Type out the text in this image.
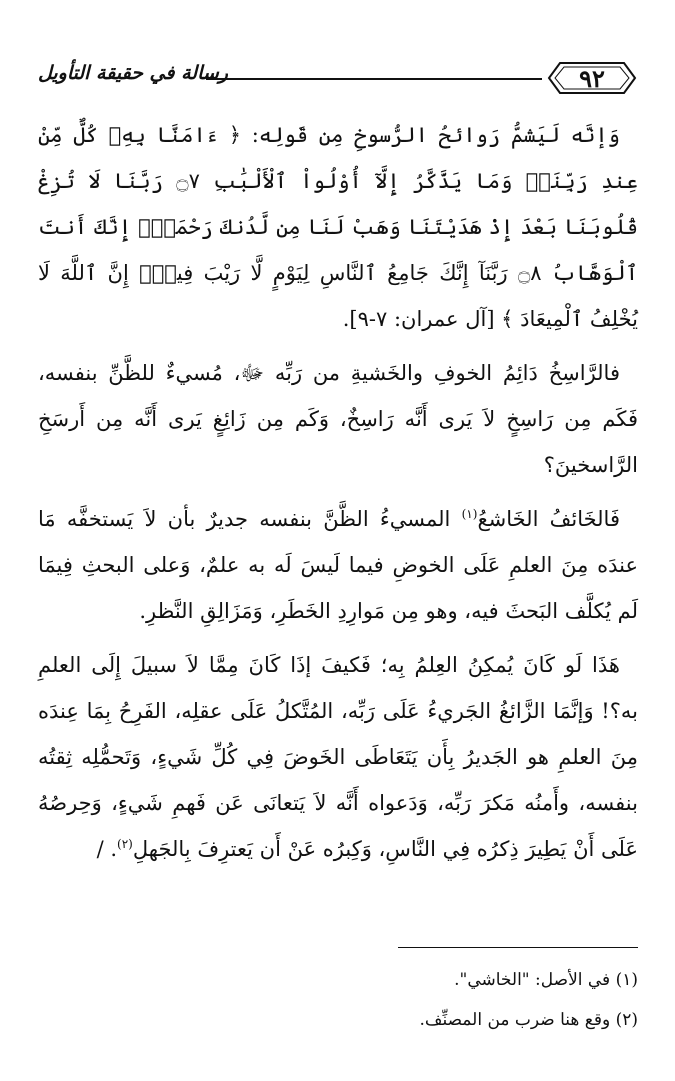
٩٢
رسالة في حقيقة التأويل

وَإنَّه لَيَشمُّ رَوائحُ الرُّسوخِ مِن قَولِه: ﴿ ءَامَنَّا بِهِۦ كُلٌّ مِّنْ عِندِ رَبِّنَاۗ وَمَا يَذَّكَّرُ إِلَّآ أُوْلُواْ ٱلْأَلْبَٰبِ ۝٧ رَبَّنَا لَا تُزِغْ قُلُوبَنَا بَعْدَ إِذْ هَدَيْتَنَا وَهَبْ لَنَا مِن لَّدُنكَ رَحْمَةًۚ إِنَّكَ أَنتَ ٱلْوَهَّابُ ۝٨ رَبَّنَآ إِنَّكَ جَامِعُ ٱلنَّاسِ لِيَوْمٍ لَّا رَيْبَ فِيهِۚ إِنَّ ٱللَّهَ لَا يُخْلِفُ ٱلْمِيعَادَ ﴾ [آل عمران: ٧-٩].

فالرَّاسِخُ دَائِمُ الخوفِ والخَشيةِ من رَبِّه ﷻ، مُسيءٌ للظَّنِّ بنفسه، فَكَم مِن رَاسِخٍ لاَ يَرى أَنَّه رَاسِخٌ، وَكَم مِن زَائِغٍ يَرى أَنَّه مِن أَرسَخِ الرَّاسخينَ؟

فَالخَائفُ الخَاشعُ$^{(١)}$ المسيءُ الظَّنَّ بنفسه جديرٌ بأن لاَ يَستخفَّه مَا عندَه مِنَ العلمِ عَلَى الخوضِ فيما لَيسَ لَه به علمٌ، وَعلى البحثِ فِيمَا لَم يُكلَّف البَحثَ فيه، وهو مِن مَوارِدِ الخَطَرِ، وَمَزَالِقِ النَّظرِ.

هَذَا لَو كَانَ يُمكِنُ العِلمُ بِه؛ فَكيفَ إذَا كَانَ مِمَّا لاَ سبيلَ إِلَى العلمِ به؟! وَإنَّمَا الزَّائغُ الجَريءُ عَلَى رَبِّه، المُتَّكلُ عَلَى عقلِه، الفَرِحُ بِمَا عِندَه مِنَ العلمِ هو الجَديرُ بِأَن يَتَعَاطَى الخَوضَ فِي كُلِّ شَيءٍ، وَتَحمُّلِه ثِقتُه بنفسه، وأَمنُه مَكرَ رَبِّه، وَدَعواه أَنَّه لاَ يَتعانَى عَن فَهمِ شَيءٍ، وَحِرصُهُ عَلَى أَنْ يَطِيرَ ذِكرُه فِي النَّاسِ، وَكِبرُه عَنْ أَن يَعترِفَ بِالجَهلِ$^{(٢)}$. /

(١) في الأصل: "الخاشي".

(٢) وقع هنا ضرب من المصنِّف.
